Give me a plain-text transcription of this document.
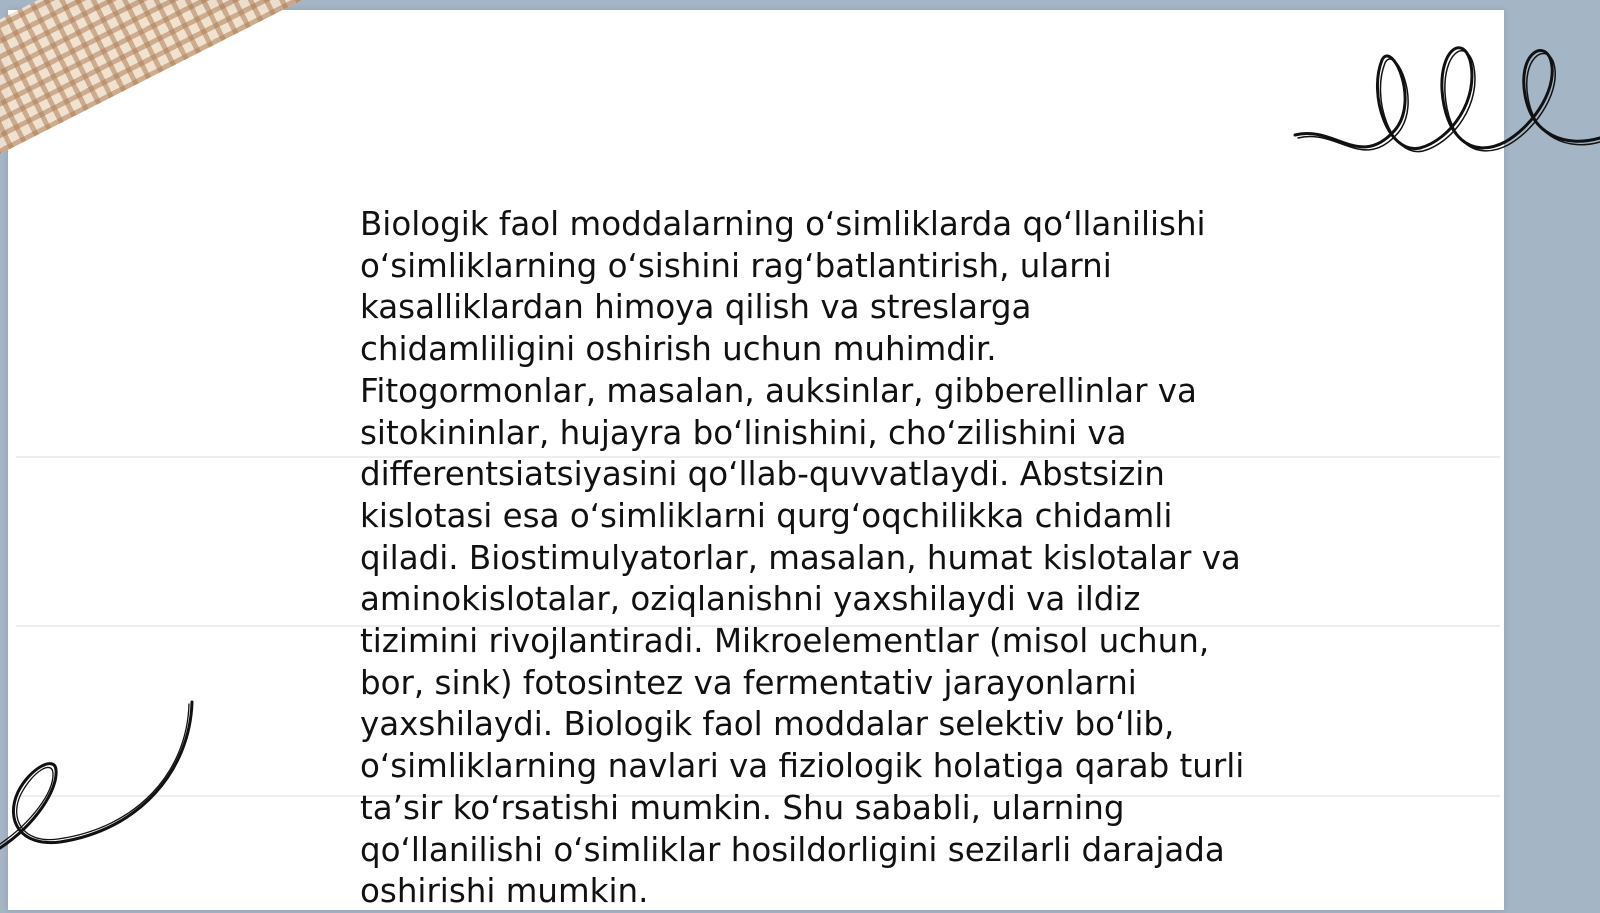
Biologik faol moddalarning oʻsimliklarda qoʻllanilishi
oʻsimliklarning oʻsishini ragʻbatlantirish, ularni
kasalliklardan himoya qilish va streslarga
chidamliligini oshirish uchun muhimdir.
Fitogormonlar, masalan, auksinlar, gibberellinlar va
sitokininlar, hujayra boʻlinishini, choʻzilishini va
differentsiatsiyasini qoʻllab-quvvatlaydi. Abstsizin
kislotasi esa oʻsimliklarni qurgʻoqchilikka chidamli
qiladi. Biostimulyatorlar, masalan, humat kislotalar va
aminokislotalar, oziqlanishni yaxshilaydi va ildiz
tizimini rivojlantiradi. Mikroelementlar (misol uchun,
bor, sink) fotosintez va fermentativ jarayonlarni
yaxshilaydi. Biologik faol moddalar selektiv boʻlib,
oʻsimliklarning navlari va fiziologik holatiga qarab turli
taʼsir koʻrsatishi mumkin. Shu sababli, ularning
qoʻllanilishi oʻsimliklar hosildorligini sezilarli darajada
oshirishi mumkin.
